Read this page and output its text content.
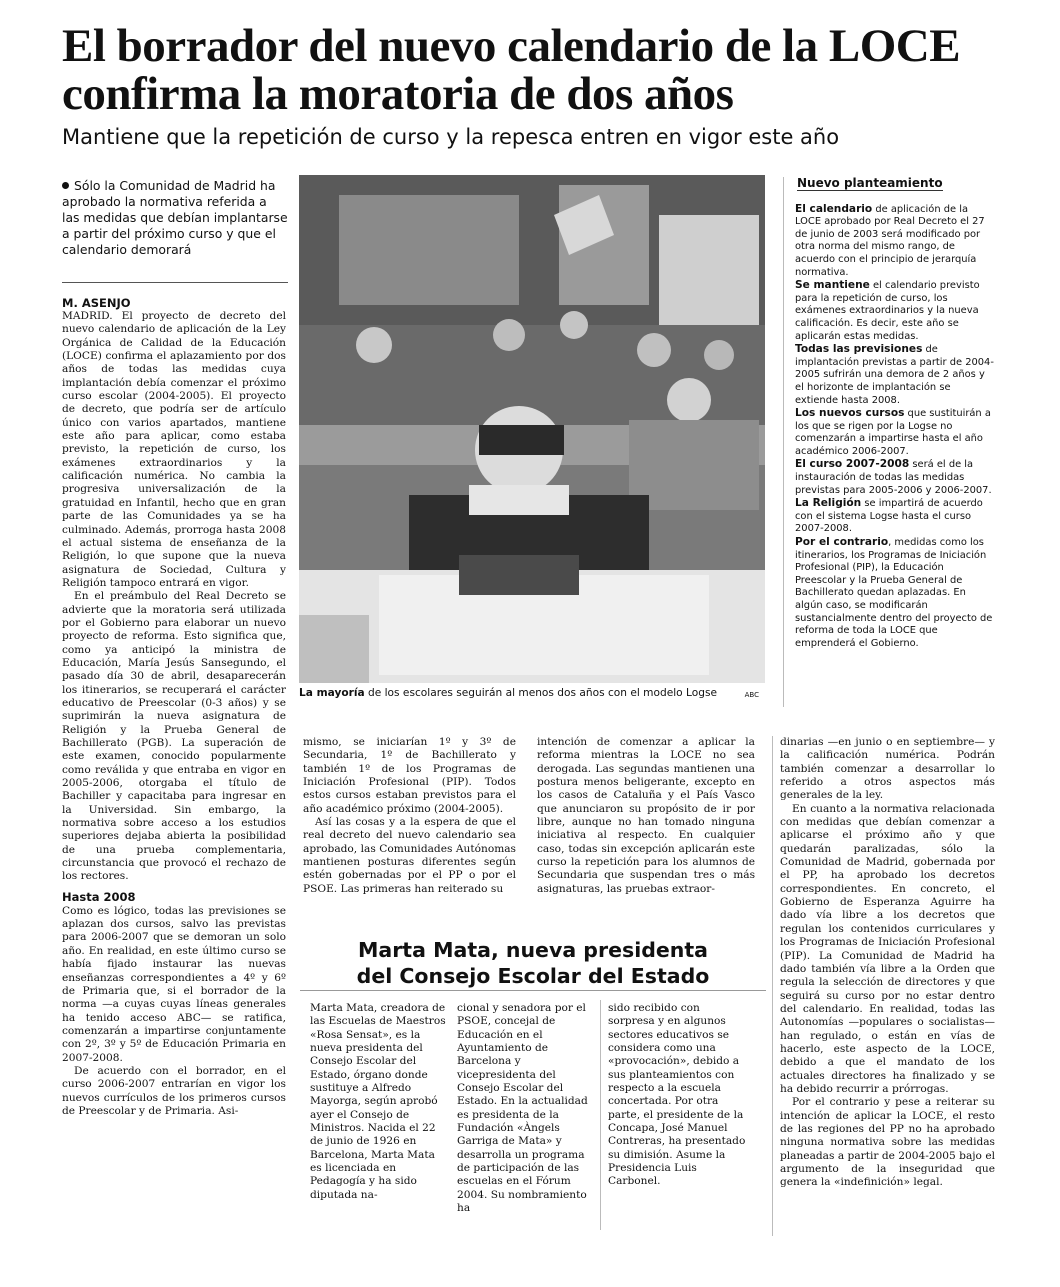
El borrador del nuevo calendario de la LOCE
confirma la moratoria de dos años

Mantiene que la repetición de curso y la repesca entren en vigor este año

Sólo la Comunidad de Madrid ha aprobado la normativa referida a las medidas que debían implantarse a partir del próximo curso y que el calendario demorará

M. ASENJO

MADRID. El proyecto de decreto del nuevo calendario de aplicación de la Ley Orgánica de Calidad de la Educación (LOCE) confirma el aplazamiento por dos años de todas las medidas cuya implantación debía comenzar el próximo curso escolar (2004-2005). El proyecto de decreto, que podría ser de artículo único con varios apartados, mantiene este año para aplicar, como estaba previsto, la repetición de curso, los exámenes extraordinarios y la calificación numérica. No cambia la progresiva universalización de la gratuidad en Infantil, hecho que en gran parte de las Comunidades ya se ha culminado. Además, prorroga hasta 2008 el actual sistema de enseñanza de la Religión, lo que supone que la nueva asignatura de Sociedad, Cultura y Religión tampoco entrará en vigor.

En el preámbulo del Real Decreto se advierte que la moratoria será utilizada por el Gobierno para elaborar un nuevo proyecto de reforma. Esto significa que, como ya anticipó la ministra de Educación, María Jesús Sansegundo, el pasado día 30 de abril, desaparecerán los itinerarios, se recuperará el carácter educativo de Preescolar (0-3 años) y se suprimirán la nueva asignatura de Religión y la Prueba General de Bachillerato (PGB). La superación de este examen, conocido popularmente como reválida y que entraba en vigor en 2005-2006, otorgaba el título de Bachiller y capacitaba para ingresar en la Universidad. Sin embargo, la normativa sobre acceso a los estudios superiores dejaba abierta la posibilidad de una prueba complementaria, circunstancia que provocó el rechazo de los rectores.

Hasta 2008

Como es lógico, todas las previsiones se aplazan dos cursos, salvo las previstas para 2006-2007 que se demoran un solo año. En realidad, en este último curso se había fijado instaurar las nuevas enseñanzas correspondientes a 4º y 6º de Primaria que, si el borrador de la norma —a cuyas cuyas líneas generales ha tenido acceso ABC— se ratifica, comenzarán a impartirse conjuntamente con 2º, 3º y 5º de Educación Primaria en 2007-2008.

De acuerdo con el borrador, en el curso 2006-2007 entrarían en vigor los nuevos currículos de los primeros cursos de Preescolar y de Primaria. Asi-

La mayoría de los escolares seguirán al menos dos años con el modelo Logse	ABC
Nuevo planteamiento

El calendario de aplicación de la LOCE aprobado por Real Decreto el 27 de junio de 2003 será modificado por otra norma del mismo rango, de acuerdo con el principio de jerarquía normativa.

Se mantiene el calendario previsto para la repetición de curso, los exámenes extraordinarios y la nueva calificación. Es decir, este año se aplicarán estas medidas.

Todas las previsiones de implantación previstas a partir de 2004-2005 sufrirán una demora de 2 años y el horizonte de implantación se extiende hasta 2008.

Los nuevos cursos que sustituirán a los que se rigen por la Logse no comenzarán a impartirse hasta el año académico 2006-2007.

El curso 2007-2008 será el de la instauración de todas las medidas previstas para 2005-2006 y 2006-2007.

La Religión se impartirá de acuerdo con el sistema Logse hasta el curso 2007-2008.

Por el contrario, medidas como los itinerarios, los Programas de Iniciación Profesional (PIP), la Educación Preescolar y la Prueba General de Bachillerato quedan aplazadas. En algún caso, se modificarán sustancialmente dentro del proyecto de reforma de toda la LOCE que emprenderá el Gobierno.

mismo, se iniciarían 1º y 3º de Secundaria, 1º de Bachillerato y también 1º de los Programas de Iniciación Profesional (PIP). Todos estos cursos estaban previstos para el año académico próximo (2004-2005).

Así las cosas y a la espera de que el real decreto del nuevo calendario sea aprobado, las Comunidades Autónomas mantienen posturas diferentes según estén gobernadas por el PP o por el PSOE. Las primeras han reiterado su

intención de comenzar a aplicar la reforma mientras la LOCE no sea derogada. Las segundas mantienen una postura menos beligerante, excepto en los casos de Cataluña y el País Vasco que anunciaron su propósito de ir por libre, aunque no han tomado ninguna iniciativa al respecto. En cualquier caso, todas sin excepción aplicarán este curso la repetición para los alumnos de Secundaria que suspendan tres o más asignaturas, las pruebas extraor-

dinarias —en junio o en septiembre— y la calificación numérica. Podrán también comenzar a desarrollar lo referido a otros aspectos más generales de la ley.

En cuanto a la normativa relacionada con medidas que debían comenzar a aplicarse el próximo año y que quedarán paralizadas, sólo la Comunidad de Madrid, gobernada por el PP, ha aprobado los decretos correspondientes. En concreto, el Gobierno de Esperanza Aguirre ha dado vía libre a los decretos que regulan los contenidos curriculares y los Programas de Iniciación Profesional (PIP). La Comunidad de Madrid ha dado también vía libre a la Orden que regula la selección de directores y que seguirá su curso por no estar dentro del calendario. En realidad, todas las Autonomías —populares o socialistas— han regulado, o están en vías de hacerlo, este aspecto de la LOCE, debido a que el mandato de los actuales directores ha finalizado y se ha debido recurrir a prórrogas.

Por el contrario y pese a reiterar su intención de aplicar la LOCE, el resto de las regiones del PP no ha aprobado ninguna normativa sobre las medidas planeadas a partir de 2004-2005 bajo el argumento de la inseguridad que genera la «indefinición» legal.

Marta Mata, nueva presidenta
del Consejo Escolar del Estado

Marta Mata, creadora de las Escuelas de Maestros «Rosa Sensat», es la nueva presidenta del Consejo Escolar del Estado, órgano donde sustituye a Alfredo Mayorga, según aprobó ayer el Consejo de Ministros. Nacida el 22 de junio de 1926 en Barcelona, Marta Mata es licenciada en Pedagogía y ha sido diputada na-

cional y senadora por el PSOE, concejal de Educación en el Ayuntamiento de Barcelona y vicepresidenta del Consejo Escolar del Estado. En la actualidad es presidenta de la Fundación «Àngels Garriga de Mata» y desarrolla un programa de participación de las escuelas en el Fórum 2004. Su nombramiento ha

sido recibido con sorpresa y en algunos sectores educativos se considera como una «provocación», debido a sus planteamientos con respecto a la escuela concertada. Por otra parte, el presidente de la Concapa, José Manuel Contreras, ha presentado su dimisión. Asume la Presidencia Luis Carbonel.
